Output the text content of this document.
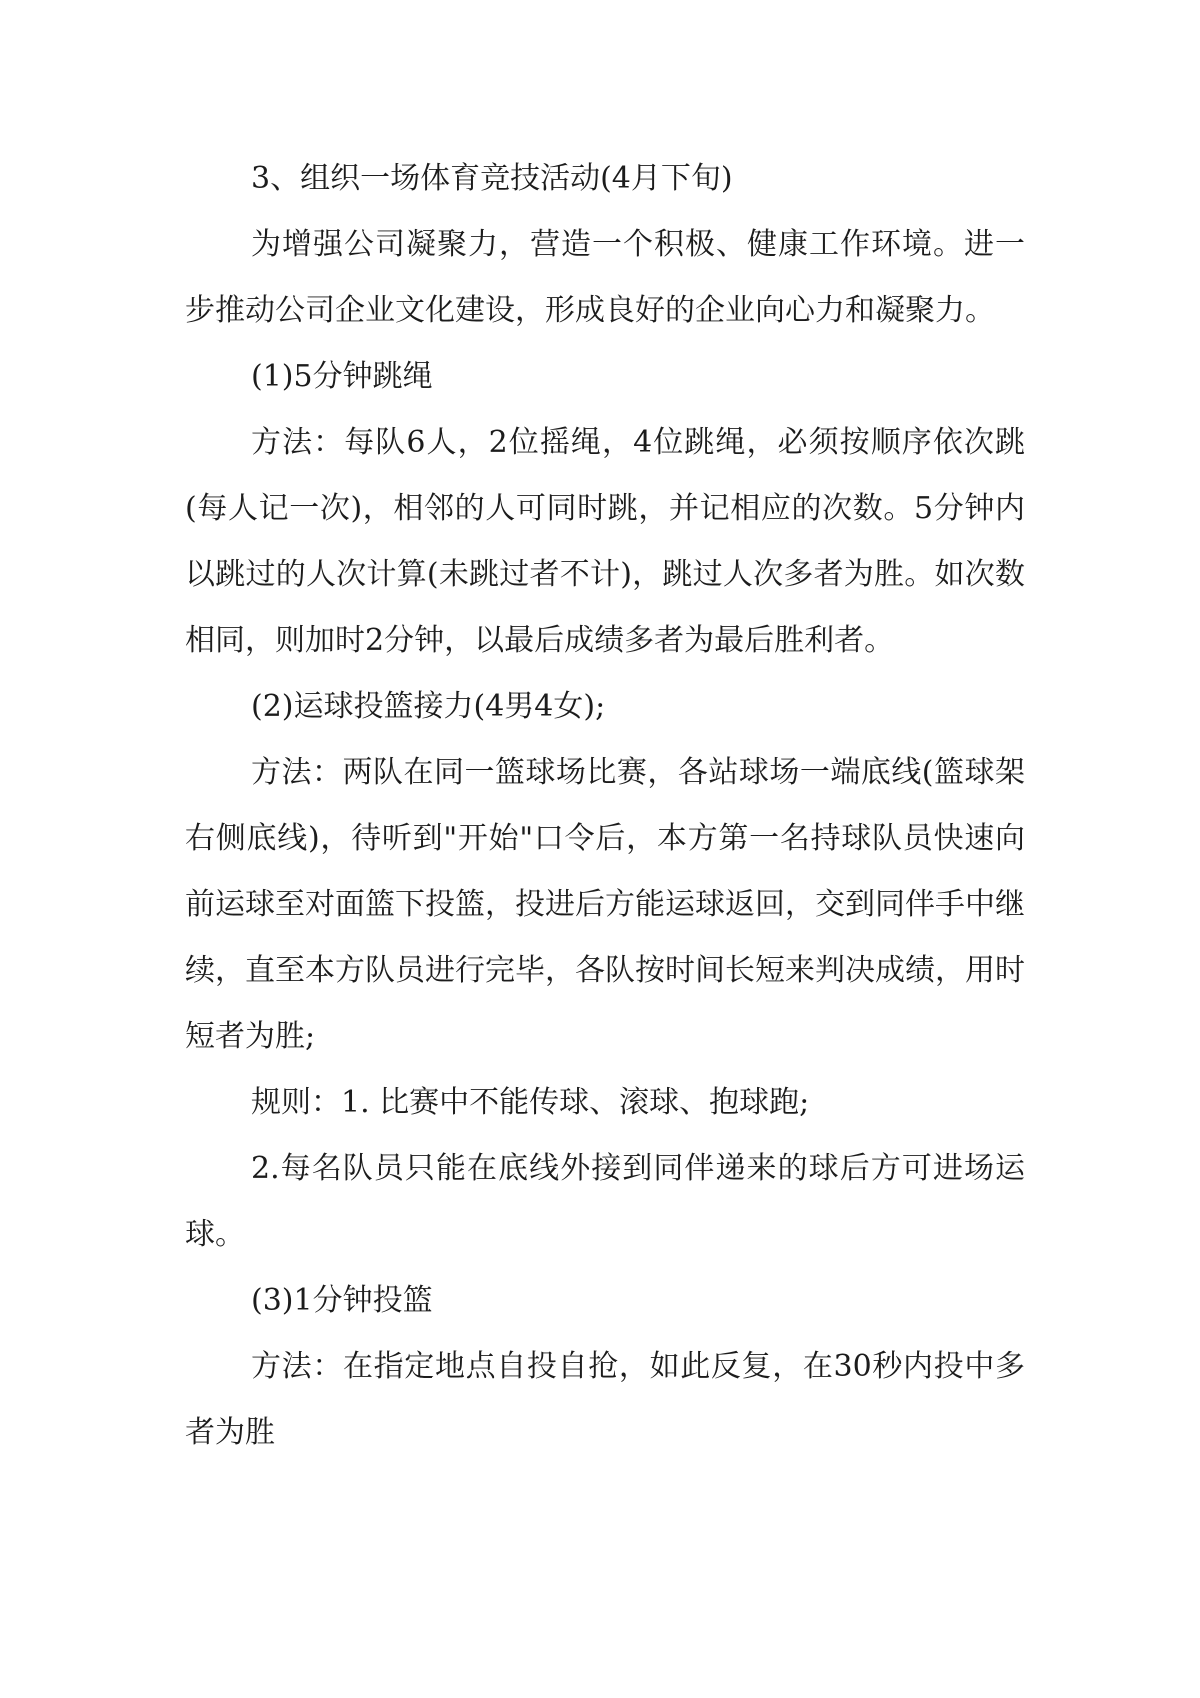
3、组织一场体育竞技活动(4月下旬)

为增强公司凝聚力，营造一个积极、健康工作环境。进一步推动公司企业文化建设，形成良好的企业向心力和凝聚力。

(1)5分钟跳绳

方法：每队6人，2位摇绳，4位跳绳，必须按顺序依次跳(每人记一次)，相邻的人可同时跳，并记相应的次数。5分钟内以跳过的人次计算(未跳过者不计)，跳过人次多者为胜。如次数相同，则加时2分钟，以最后成绩多者为最后胜利者。

(2)运球投篮接力(4男4女);

方法：两队在同一篮球场比赛，各站球场一端底线(篮球架右侧底线)，待听到"开始"口令后，本方第一名持球队员快速向前运球至对面篮下投篮，投进后方能运球返回，交到同伴手中继续，直至本方队员进行完毕，各队按时间长短来判决成绩，用时短者为胜;

规则：1. 比赛中不能传球、滚球、抱球跑;

2.每名队员只能在底线外接到同伴递来的球后方可进场运球。

(3)1分钟投篮

方法：在指定地点自投自抢，如此反复，在30秒内投中多者为胜
